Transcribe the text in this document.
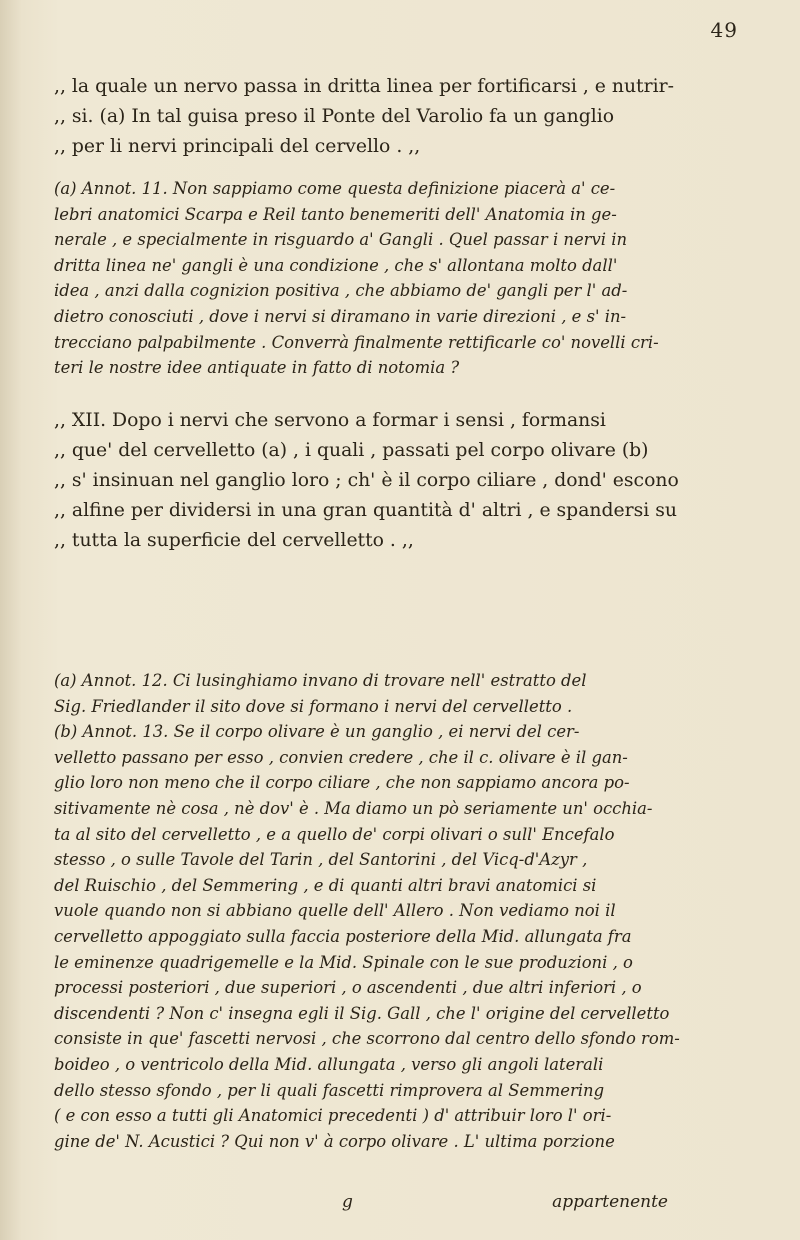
49
,, la quale un nervo passa in dritta linea per fortificarsi , e nutrir-
,, si. (a) In tal guisa preso il Ponte del Varolio fa un ganglio
,, per li nervi principali del cervello . ,,
(a) Annot. 11. Non sappiamo come questa definizione piacerà a' ce-
lebri anatomici Scarpa e Reil tanto benemeriti dell' Anatomia in ge-
nerale , e specialmente in risguardo a' Gangli . Quel passar i nervi in
dritta linea ne' gangli è una condizione , che s' allontana molto dall'
idea , anzi dalla cognizion positiva , che abbiamo de' gangli per l' ad-
dietro conosciuti , dove i nervi si diramano in varie direzioni , e s' in-
trecciano palpabilmente . Converrà finalmente rettificarle co' novelli cri-
teri le nostre idee antiquate in fatto di notomia ?
,, XII. Dopo i nervi che servono a formar i sensi , formansi
,, que' del cervelletto (a) , i quali , passati pel corpo olivare (b)
,, s' insinuan nel ganglio loro ; ch' è il corpo ciliare , dond' escono
,, alfine per dividersi in una gran quantità d' altri , e spandersi su
,, tutta la superficie del cervelletto . ,,
(a) Annot. 12. Ci lusinghiamo invano di trovare nell' estratto del
Sig. Friedlander il sito dove si formano i nervi del cervelletto .
(b) Annot. 13. Se il corpo olivare è un ganglio , ei nervi del cer-
velletto passano per esso , convien credere , che il c. olivare è il gan-
glio loro non meno che il corpo ciliare , che non sappiamo ancora po-
sitivamente nè cosa , nè dov' è . Ma diamo un pò seriamente un' occhia-
ta al sito del cervelletto , e a quello de' corpi olivari o sull' Encefalo
stesso , o sulle Tavole del Tarin , del Santorini , del Vicq-d'Azyr ,
del Ruischio , del Semmering , e di quanti altri bravi anatomici si
vuole quando non si abbiano quelle dell' Allero . Non vediamo noi il
cervelletto appoggiato sulla faccia posteriore della Mid. allungata fra
le eminenze quadrigemelle e la Mid. Spinale con le sue produzioni , o
processi posteriori , due superiori , o ascendenti , due altri inferiori , o
discendenti ? Non c' insegna egli il Sig. Gall , che l' origine del cervelletto
consiste in que' fascetti nervosi , che scorrono dal centro dello sfondo rom-
boideo , o ventricolo della Mid. allungata , verso gli angoli laterali
dello stesso sfondo , per li quali fascetti rimprovera al Semmering
( e con esso a tutti gli Anatomici precedenti ) d' attribuir loro l' ori-
gine de' N. Acustici ? Qui non v' à corpo olivare . L' ultima porzione
g	appartenente
